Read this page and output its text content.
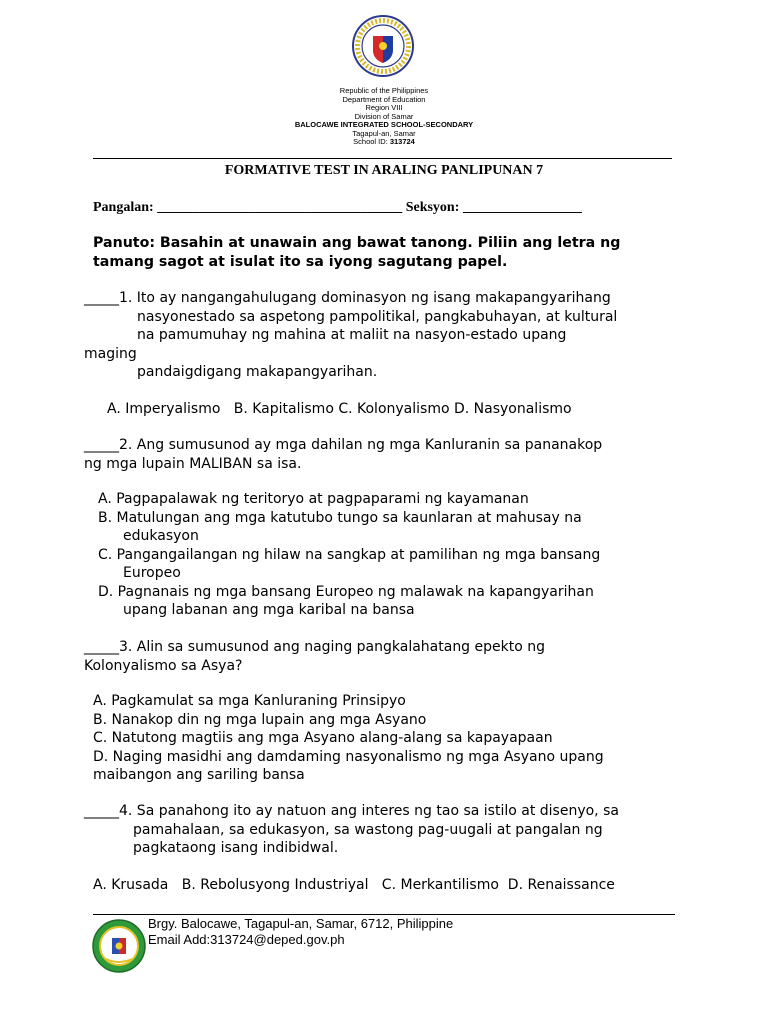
Republic of the Philippines
Department of Education
Region VIII
Division of Samar
BALOCAWE INTEGRATED SCHOOL-SECONDARY
Tagapul-an, Samar
School ID: 313724
FORMATIVE TEST IN ARALING PANLIPUNAN 7
Pangalan: ___________________________________ Seksyon: _________________
Panuto: Basahin at unawain ang bawat tanong. Piliin ang letra ng
tamang sagot at isulat ito sa iyong sagutang papel.
_____1. Ito ay nangangahulugang dominasyon ng isang makapangyarihang
nasyonestado sa aspetong pampolitikal, pangkabuhayan, at kultural
na pamumuhay ng mahina at maliit na nasyon-estado upang
maging
pandaigdigang makapangyarihan.
A. Imperyalismo   B. Kapitalismo C. Kolonyalismo D. Nasyonalismo
_____2. Ang sumusunod ay mga dahilan ng mga Kanluranin sa pananakop
ng mga lupain MALIBAN sa isa.
A. Pagpapalawak ng teritoryo at pagpaparami ng kayamanan
B. Matulungan ang mga katutubo tungo sa kaunlaran at mahusay na
edukasyon
C. Pangangailangan ng hilaw na sangkap at pamilihan ng mga bansang
Europeo
D. Pagnanais ng mga bansang Europeo ng malawak na kapangyarihan
upang labanan ang mga karibal na bansa
_____3. Alin sa sumusunod ang naging pangkalahatang epekto ng
Kolonyalismo sa Asya?
A. Pagkamulat sa mga Kanluraning Prinsipyo
B. Nanakop din ng mga lupain ang mga Asyano
C. Natutong magtiis ang mga Asyano alang-alang sa kapayapaan
D. Naging masidhi ang damdaming nasyonalismo ng mga Asyano upang
maibangon ang sariling bansa
_____4. Sa panahong ito ay natuon ang interes ng tao sa istilo at disenyo, sa
pamahalaan, sa edukasyon, sa wastong pag-uugali at pangalan ng
pagkataong isang indibidwal.
A. Krusada   B. Rebolusyong Industriyal   C. Merkantilismo  D. Renaissance
Brgy. Balocawe, Tagapul-an, Samar, 6712, Philippine
Email Add:313724@deped.gov.ph
